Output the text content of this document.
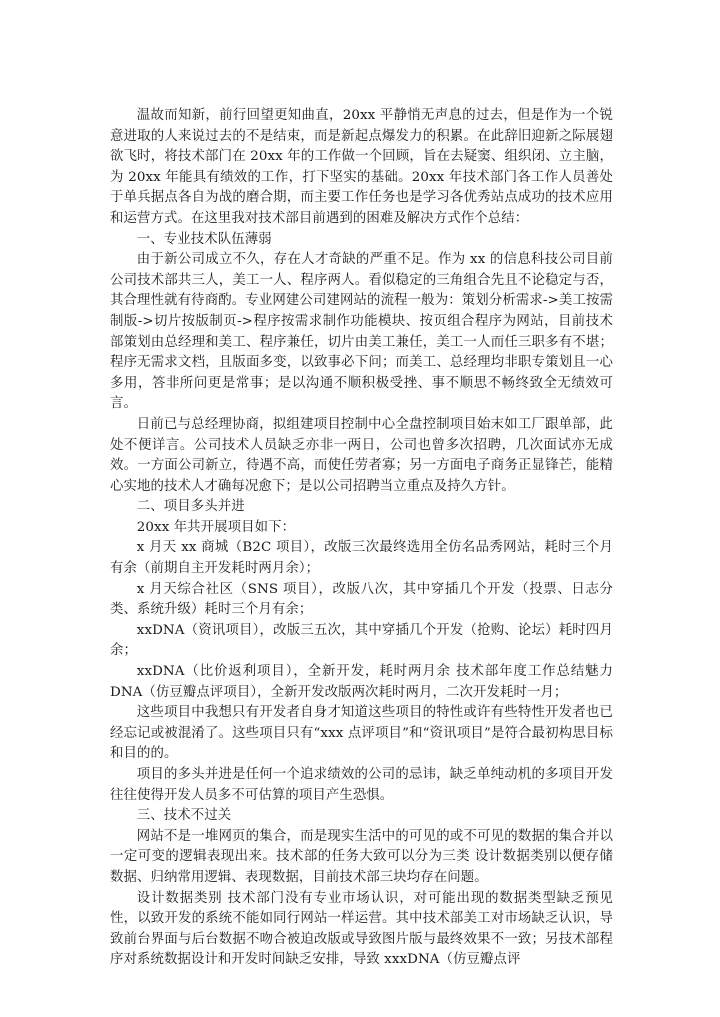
温故而知新，前行回望更知曲直，20xx 平静悄无声息的过去，但是作为一个锐意进取的人来说过去的不是结束，而是新起点爆发力的积累。在此辞旧迎新之际展翅欲飞时，将技术部门在 20xx 年的工作做一个回顾，旨在去疑窦、组织闭、立主脑，为 20xx 年能具有绩效的工作，打下坚实的基础。20xx 年技术部门各工作人员善处于单兵据点各自为战的磨合期，而主要工作任务也是学习各优秀站点成功的技术应用和运营方式。在这里我对技术部目前遇到的困难及解决方式作个总结：

一、专业技术队伍薄弱

由于新公司成立不久，存在人才奇缺的严重不足。作为 xx 的信息科技公司目前公司技术部共三人，美工一人、程序两人。看似稳定的三角组合先且不论稳定与否，其合理性就有待商酌。专业网建公司建网站的流程一般为：策划分析需求->美工按需制版->切片按版制页->程序按需求制作功能模块、按页组合程序为网站，目前技术部策划由总经理和美工、程序兼任，切片由美工兼任，美工一人而任三职多有不堪；程序无需求文档，且版面多变，以致事必下问；而美工、总经理均非职专策划且一心多用，答非所问更是常事；是以沟通不顺积极受挫、事不顺思不畅终致全无绩效可言。

日前已与总经理协商，拟组建项目控制中心全盘控制项目始末如工厂跟单部，此处不便详言。公司技术人员缺乏亦非一两日，公司也曾多次招聘，几次面试亦无成效。一方面公司新立，待遇不高，而使任劳者寡；另一方面电子商务正显锋芒，能精心实地的技术人才确每况愈下；是以公司招聘当立重点及持久方针。

二、项目多头并进

20xx 年共开展项目如下：

x 月天 xx 商城（B2C 项目），改版三次最终选用全仿名品秀网站，耗时三个月有余（前期自主开发耗时两月余）；

x 月天综合社区（SNS 项目），改版八次，其中穿插几个开发（投票、日志分类、系统升级）耗时三个月有余；

xxDNA（资讯项目），改版三五次，其中穿插几个开发（抢购、论坛）耗时四月余；

xxDNA（比价返利项目），全新开发，耗时两月余 技术部年度工作总结魅力 DNA（仿豆瓣点评项目），全新开发改版两次耗时两月，二次开发耗时一月；

这些项目中我想只有开发者自身才知道这些项目的特性或许有些特性开发者也已经忘记或被混淆了。这些项目只有“xxx 点评项目”和“资讯项目”是符合最初构思目标和目的的。

项目的多头并进是任何一个追求绩效的公司的忌讳，缺乏单纯动机的多项目开发往往使得开发人员多不可估算的项目产生恐惧。

三、技术不过关

网站不是一堆网页的集合，而是现实生活中的可见的或不可见的数据的集合并以一定可变的逻辑表现出来。技术部的任务大致可以分为三类 设计数据类别以便存储数据、归纳常用逻辑、表现数据，目前技术部三块均存在问题。

设计数据类别 技术部门没有专业市场认识，对可能出现的数据类型缺乏预见性，以致开发的系统不能如同行网站一样运营。其中技术部美工对市场缺乏认识，导致前台界面与后台数据不吻合被迫改版或导致图片版与最终效果不一致；另技术部程序对系统数据设计和开发时间缺乏安排，导致 xxxDNA（仿豆瓣点评
